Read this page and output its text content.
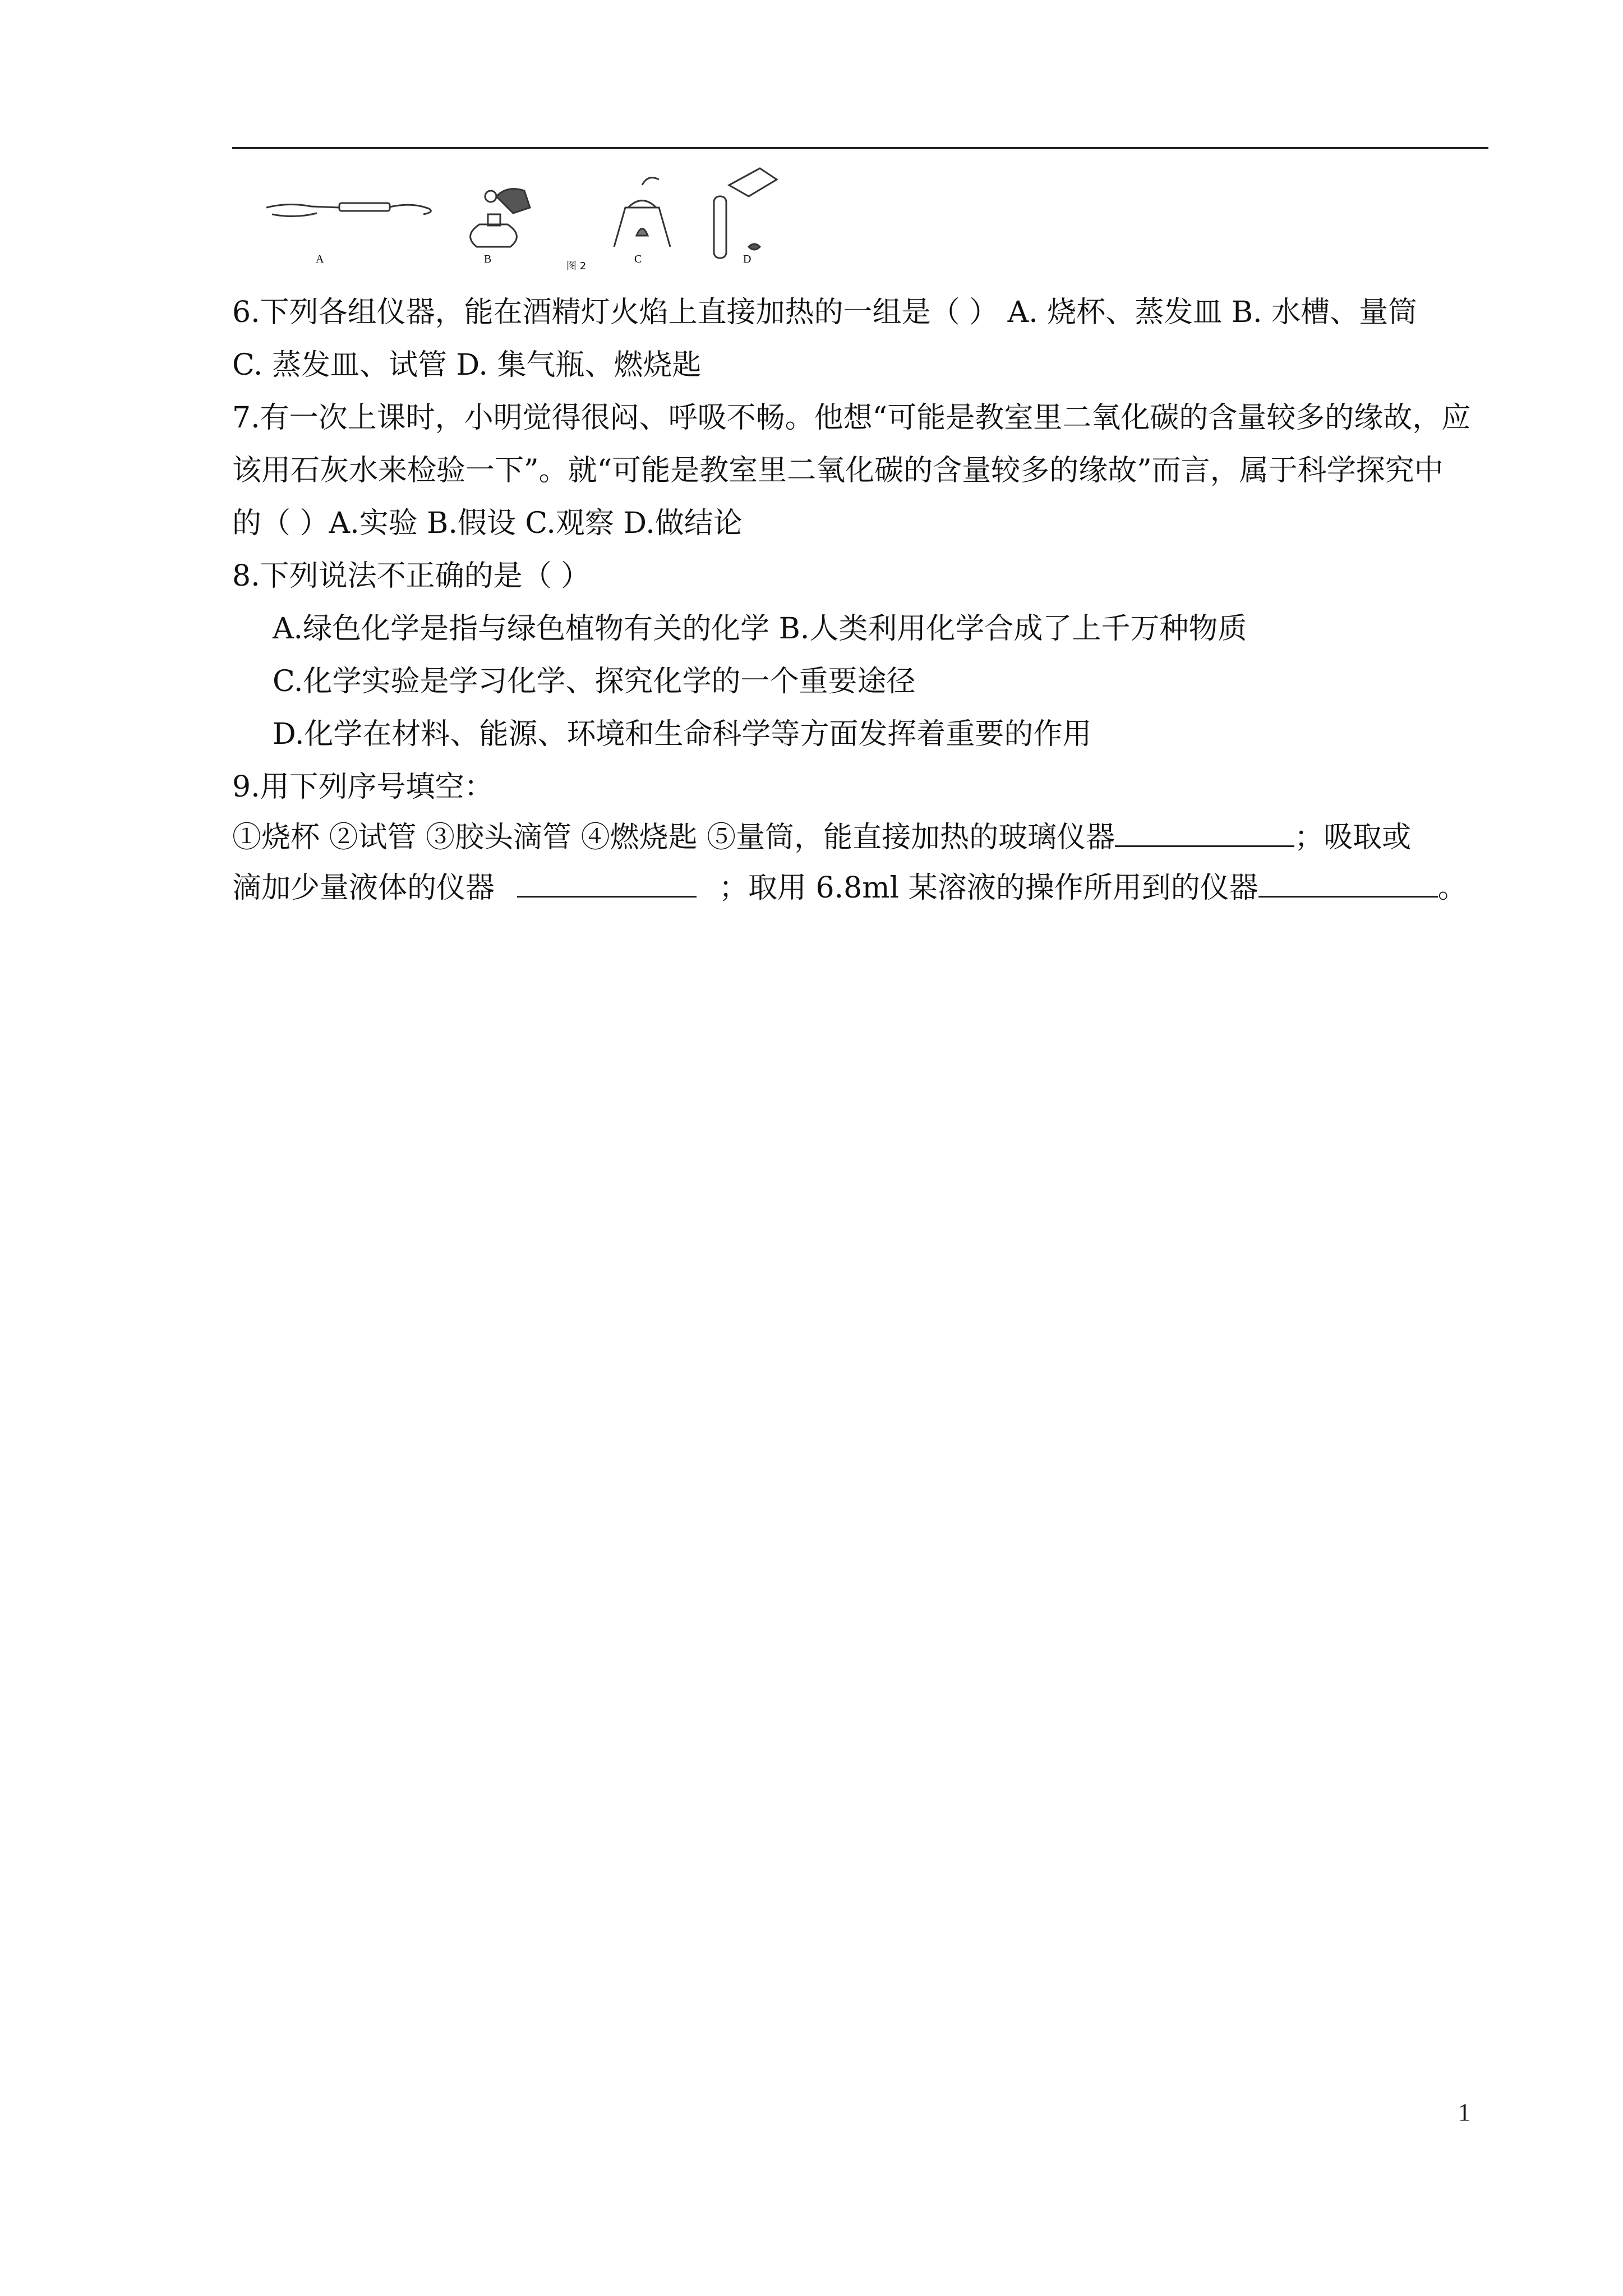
A	B	C	D
图 2
6.下列各组仪器，能在酒精灯火焰上直接加热的一组是（ ） A. 烧杯、蒸发皿 B. 水槽、量筒
C. 蒸发皿、试管 D. 集气瓶、燃烧匙
7.有一次上课时，小明觉得很闷、呼吸不畅。他想“可能是教室里二氧化碳的含量较多的缘故，应
该用石灰水来检验一下”。就“可能是教室里二氧化碳的含量较多的缘故”而言，属于科学探究中
的（ ）A.实验 B.假设 C.观察 D.做结论
8.下列说法不正确的是（ ）
A.绿色化学是指与绿色植物有关的化学 B.人类利用化学合成了上千万种物质
C.化学实验是学习化学、探究化学的一个重要途径
D.化学在材料、能源、环境和生命科学等方面发挥着重要的作用
9.用下列序号填空：
①烧杯 ②试管 ③胶头滴管 ④燃烧匙 ⑤量筒，能直接加热的玻璃仪器	；吸取或
滴加少量液体的仪器	；取用 6.8ml 某溶液的操作所用到的仪器	。
1
